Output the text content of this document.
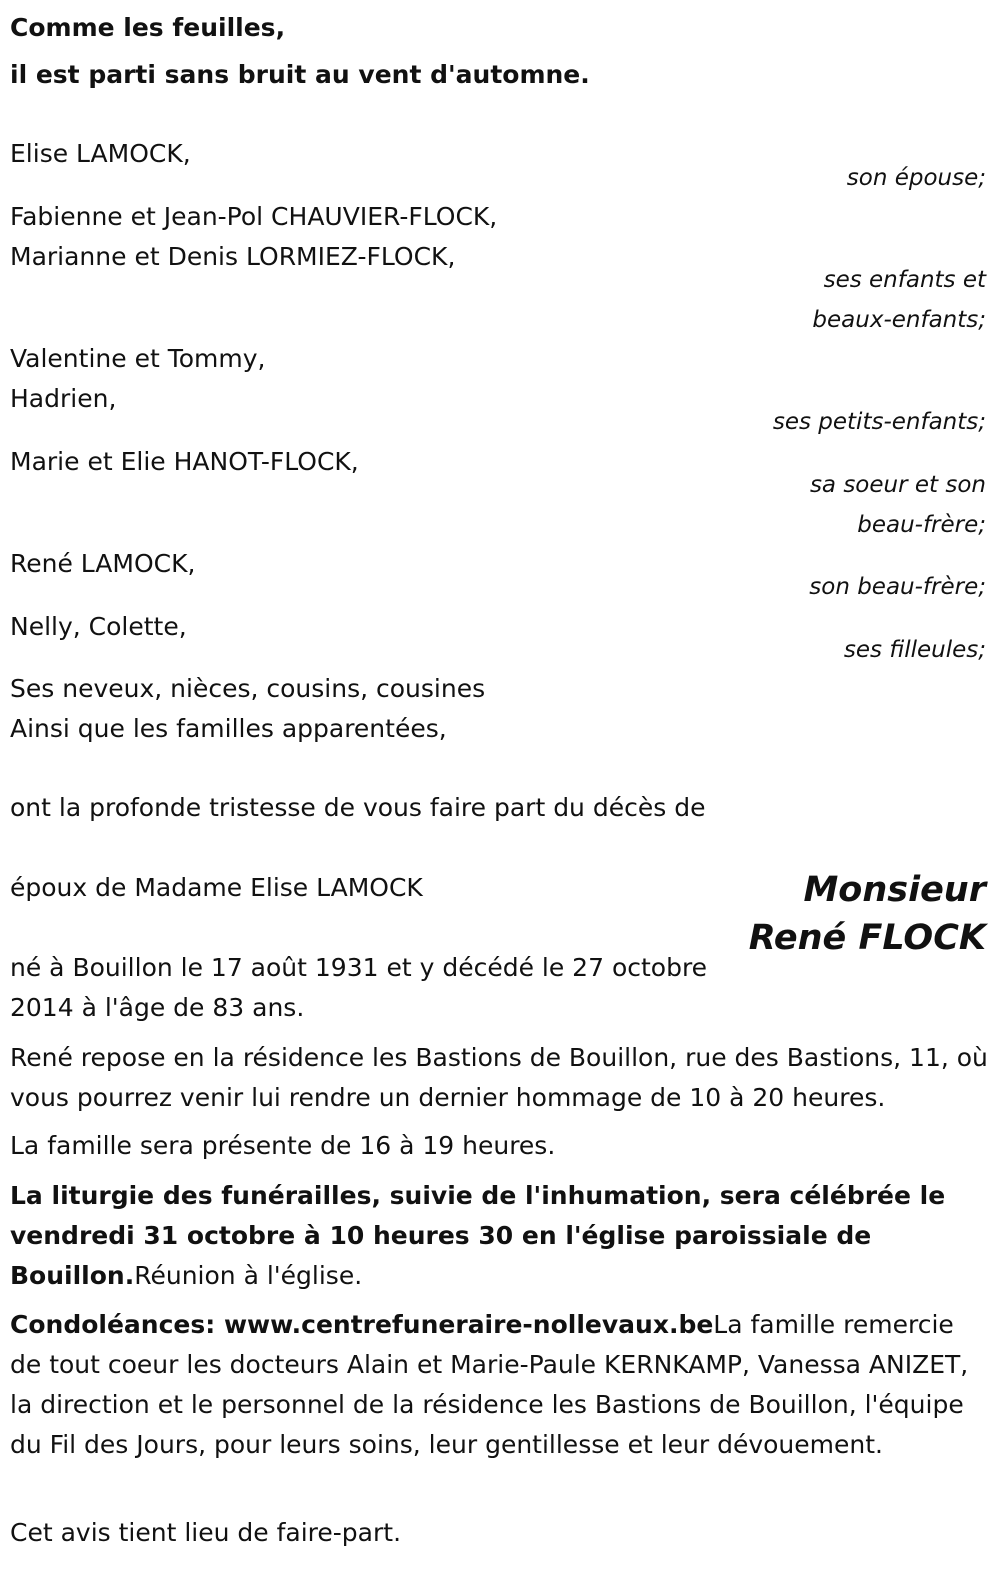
Comme les feuilles,

il est parti sans bruit au vent d'automne.

Elise LAMOCK,

son épouse;

Fabienne et Jean-Pol CHAUVIER-FLOCK,

Marianne et Denis LORMIEZ-FLOCK,

ses enfants et

beaux-enfants;

Valentine et Tommy,

Hadrien,

ses petits-enfants;

Marie et Elie HANOT-FLOCK,

sa soeur et son

beau-frère;

René LAMOCK,

son beau-frère;

Nelly, Colette,

ses filleules;

Ses neveux, nièces, cousins, cousines

Ainsi que les familles apparentées,

ont la profonde tristesse de vous faire part du décès de

époux de Madame Elise LAMOCK	Monsieur

René FLOCK

né à Bouillon le 17 août 1931 et y décédé le 27 octobre

2014 à l'âge de 83 ans.

René repose en la résidence les Bastions de Bouillon, rue des Bastions, 11, où vous pourrez venir lui rendre un dernier hommage de 10 à 20 heures.

La famille sera présente de 16 à 19 heures.

La liturgie des funérailles, suivie de l'inhumation, sera célébrée le vendredi 31 octobre à 10 heures 30 en l'église paroissiale de Bouillon.Réunion à l'église.

Condoléances: www.centrefuneraire-nollevaux.beLa famille remercie de tout coeur les docteurs Alain et Marie-Paule KERNKAMP, Vanessa ANIZET, la direction et le personnel de la résidence les Bastions de Bouillon, l'équipe du Fil des Jours, pour leurs soins, leur gentillesse et leur dévouement.

Cet avis tient lieu de faire-part.
